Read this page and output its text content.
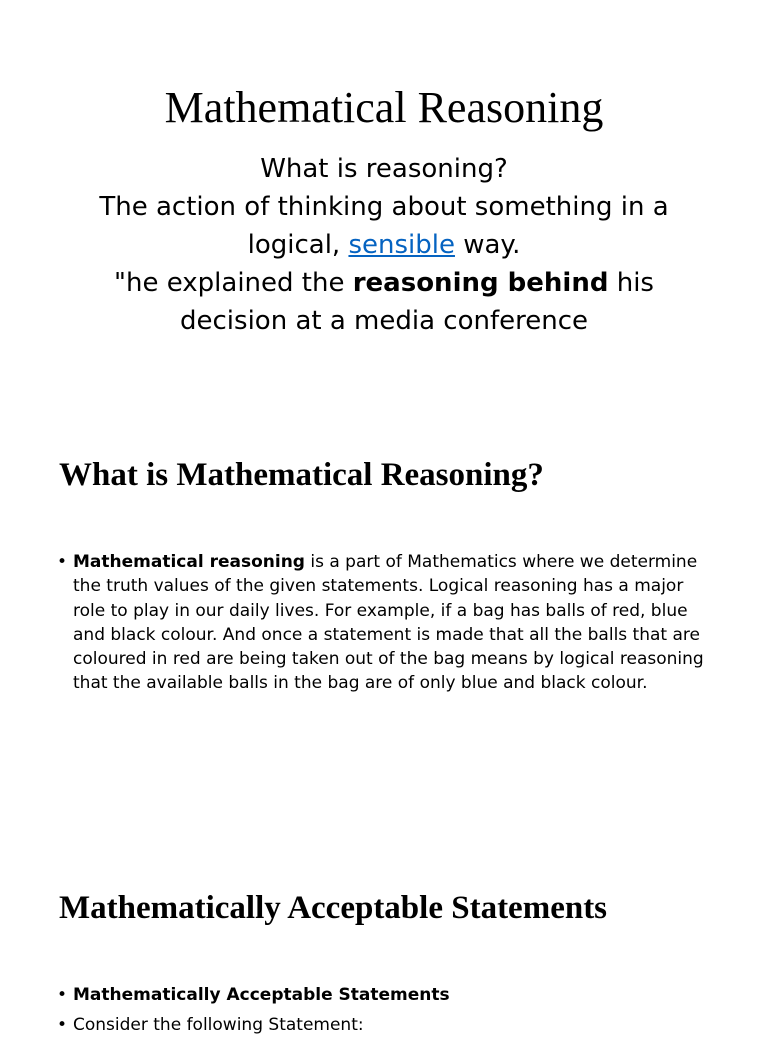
Mathematical Reasoning

What is reasoning?

The action of thinking about something in a logical, sensible way.

"he explained the reasoning behind his decision at a media conference

What is Mathematical Reasoning?
• Mathematical reasoning is a part of Mathematics where we determine the truth values of the given statements. Logical reasoning has a major role to play in our daily lives. For example, if a bag has balls of red, blue and black colour. And once a statement is made that all the balls that are coloured in red are being taken out of the bag means by logical reasoning that the available balls in the bag are of only blue and black colour.
Mathematically Acceptable Statements
• Mathematically Acceptable Statements
• Consider the following Statement:
